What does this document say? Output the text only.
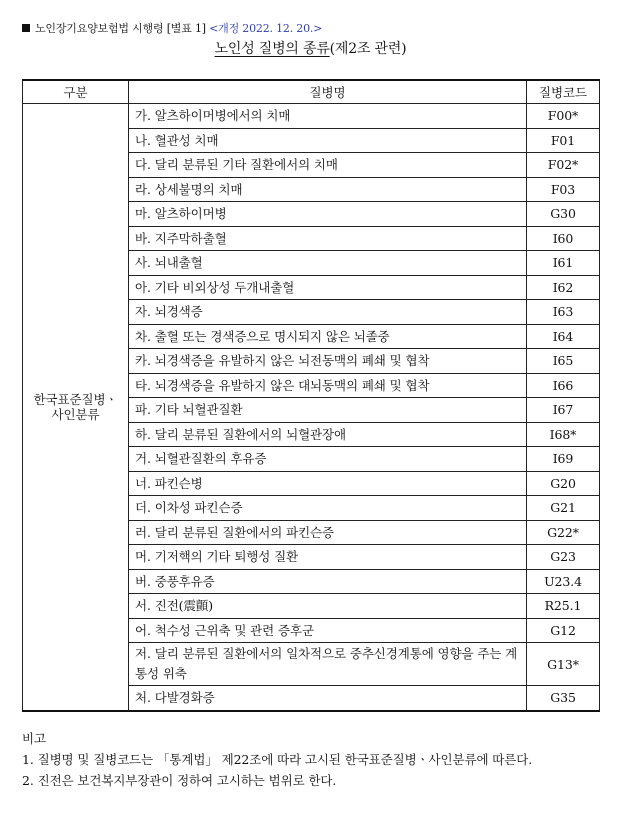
노인장기요양보험법 시행령 [별표 1] <개정 2022. 12. 20.>
노인성 질병의 종류(제2조 관련)
구분	질병명	질병코드
한국표준질병ㆍ사인분류	가. 알츠하이머병에서의 치매	F00*
	나. 혈관성 치매	F01
	다. 달리 분류된 기타 질환에서의 치매	F02*
	라. 상세불명의 치매	F03
	마. 알츠하이머병	G30
	바. 지주막하출혈	I60
	사. 뇌내출혈	I61
	아. 기타 비외상성 두개내출혈	I62
	자. 뇌경색증	I63
	차. 출혈 또는 경색증으로 명시되지 않은 뇌졸중	I64
	카. 뇌경색증을 유발하지 않은 뇌전동맥의 폐쇄 및 협착	I65
	타. 뇌경색증을 유발하지 않은 대뇌동맥의 폐쇄 및 협착	I66
	파. 기타 뇌혈관질환	I67
	하. 달리 분류된 질환에서의 뇌혈관장애	I68*
	거. 뇌혈관질환의 후유증	I69
	너. 파킨슨병	G20
	더. 이차성 파킨슨증	G21
	러. 달리 분류된 질환에서의 파킨슨증	G22*
	머. 기저핵의 기타 퇴행성 질환	G23
	버. 중풍후유증	U23.4
	서. 진전(震顫)	R25.1
	어. 척수성 근위축 및 관련 증후군	G12
	저. 달리 분류된 질환에서의 일차적으로 중추신경계통에 영향을 주는 계통성 위축	G13*
	처. 다발경화증	G35
비고
1. 질병명 및 질병코드는 「통계법」 제22조에 따라 고시된 한국표준질병ㆍ사인분류에 따른다.
2. 진전은 보건복지부장관이 정하여 고시하는 범위로 한다.
